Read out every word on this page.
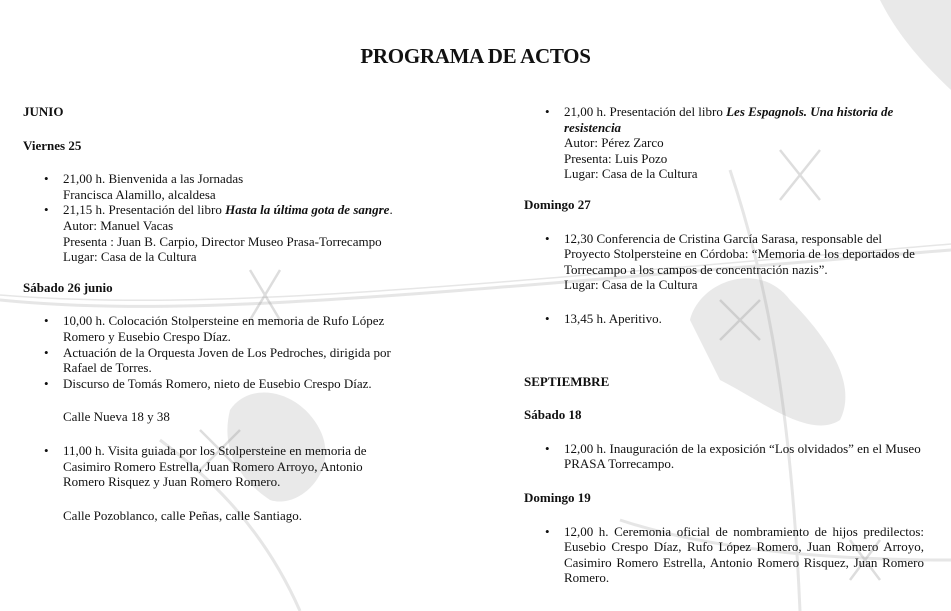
PROGRAMA DE ACTOS
JUNIO
Viernes 25
• 21,00 h. Bienvenida a las Jornadas
Francisca Alamillo, alcaldesa
• 21,15 h. Presentación del libro Hasta la última gota de sangre.
Autor: Manuel Vacas
Presenta : Juan B. Carpio, Director Museo Prasa-Torrecampo
Lugar: Casa de la Cultura
Sábado 26 junio
• 10,00 h. Colocación Stolpersteine en memoria de Rufo López Romero y Eusebio Crespo Díaz.
• Actuación de la Orquesta Joven de Los Pedroches, dirigida por Rafael de Torres.
• Discurso de Tomás Romero, nieto de Eusebio Crespo Díaz.
Calle Nueva 18 y 38
• 11,00 h. Visita guiada por los Stolpersteine en memoria de Casimiro Romero Estrella, Juan Romero Arroyo, Antonio Romero Risquez y Juan Romero Romero.
Calle Pozoblanco, calle Peñas, calle Santiago.
• 21,00 h. Presentación del libro Les Espagnols. Una historia de resistencia
Autor: Pérez Zarco
Presenta: Luis Pozo
Lugar: Casa de la Cultura
Domingo 27
• 12,30 Conferencia de Cristina García Sarasa, responsable del Proyecto Stolpersteine en Córdoba: “Memoria de los deportados de Torrecampo a los campos de concentración nazis”.
Lugar: Casa de la Cultura
• 13,45 h. Aperitivo.
SEPTIEMBRE
Sábado 18
• 12,00 h. Inauguración de la exposición “Los olvidados” en el Museo PRASA Torrecampo.
Domingo 19
• 12,00 h. Ceremonia oficial de nombramiento de hijos predilectos: Eusebio Crespo Díaz, Rufo López Romero, Juan Romero Arroyo, Casimiro Romero Estrella, Antonio Romero Risquez, Juan Romero Romero.
